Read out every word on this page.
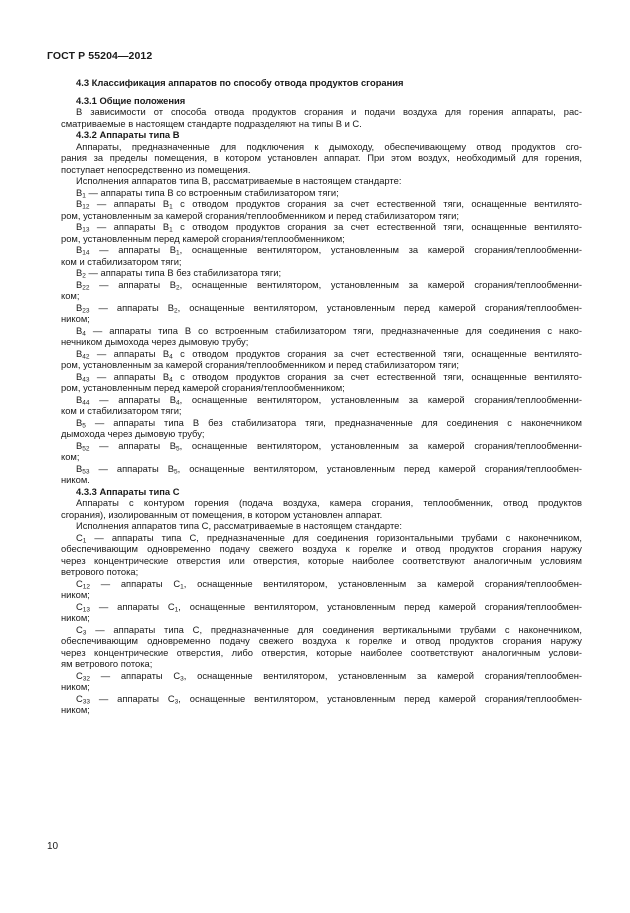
ГОСТ Р 55204—2012

4.3 Классификация аппаратов по способу отвода продуктов сгорания

4.3.1 Общие положения

В зависимости от способа отвода продуктов сгорания и подачи воздуха для горения аппараты, рас-
сматриваемые в настоящем стандарте подразделяют на типы В и С.

4.3.2 Аппараты типа В

Аппараты, предназначенные для подключения к дымоходу, обеспечивающему отвод продуктов сго-
рания за пределы помещения, в котором установлен аппарат. При этом воздух, необходимый для горения,
поступает непосредственно из помещения.

Исполнения аппаратов типа В, рассматриваемые в настоящем стандарте:

$В_1$ — аппараты типа В со встроенным стабилизатором тяги;

$В_{12}$ — аппараты $В_1$ с отводом продуктов сгорания за счет естественной тяги, оснащенные вентилято-
ром, установленным за камерой сгорания/теплообменником и перед стабилизатором тяги;

$В_{13}$ — аппараты $В_1$ с отводом продуктов сгорания за счет естественной тяги, оснащенные вентилято-
ром, установленным перед камерой сгорания/теплообменником;

$В_{14}$ — аппараты $В_1$, оснащенные вентилятором, установленным за камерой сгорания/теплообменни-
ком и стабилизатором тяги;

$В_2$ — аппараты типа В без стабилизатора тяги;

$В_{22}$ — аппараты $В_2$, оснащенные вентилятором, установленным за камерой сгорания/теплообменни-
ком;

$В_{23}$ — аппараты $В_2$, оснащенные вентилятором, установленным перед камерой сгорания/теплообмен-
ником;

$В_4$ — аппараты типа В со встроенным стабилизатором тяги, предназначенные для соединения с нако-
нечником дымохода через дымовую трубу;

$В_{42}$ — аппараты $В_4$ с отводом продуктов сгорания за счет естественной тяги, оснащенные вентилято-
ром, установленным за камерой сгорания/теплообменником и перед стабилизатором тяги;

$В_{43}$ — аппараты $В_4$ с отводом продуктов сгорания за счет естественной тяги, оснащенные вентилято-
ром, установленным перед камерой сгорания/теплообменником;

$В_{44}$ — аппараты $В_4$, оснащенные вентилятором, установленным за камерой сгорания/теплообменни-
ком и стабилизатором тяги;

$В_5$ — аппараты типа В без стабилизатора тяги, предназначенные для соединения с наконечником
дымохода через дымовую трубу;

$В_{52}$ — аппараты $В_5$, оснащенные вентилятором, установленным за камерой сгорания/теплообменни-
ком;

$В_{53}$ — аппараты $В_5$, оснащенные вентилятором, установленным перед камерой сгорания/теплообмен-
ником.

4.3.3 Аппараты типа С

Аппараты с контуром горения (подача воздуха, камера сгорания, теплообменник, отвод продуктов
сгорания), изолированным от помещения, в котором установлен аппарат.

Исполнения аппаратов типа С, рассматриваемые в настоящем стандарте:

$С_1$ — аппараты типа С, предназначенные для соединения горизонтальными трубами с наконечником,
обеспечивающим одновременно подачу свежего воздуха к горелке и отвод продуктов сгорания наружу
через концентрические отверстия или отверстия, которые наиболее соответствуют аналогичным условиям
ветрового потока;

$С_{12}$ — аппараты $С_1$, оснащенные вентилятором, установленным за камерой сгорания/теплообмен-
ником;

$С_{13}$ — аппараты $С_1$, оснащенные вентилятором, установленным перед камерой сгорания/теплообмен-
ником;

$С_3$ — аппараты типа С, предназначенные для соединения вертикальными трубами с наконечником,
обеспечивающим одновременно подачу свежего воздуха к горелке и отвод продуктов сгорания наружу
через концентрические отверстия, либо отверстия, которые наиболее соответствуют аналогичным услови-
ям ветрового потока;

$С_{32}$ — аппараты $С_3$, оснащенные вентилятором, установленным за камерой сгорания/теплообмен-
ником;

$С_{33}$ — аппараты $С_3$, оснащенные вентилятором, установленным перед камерой сгорания/теплообмен-
ником;

10
